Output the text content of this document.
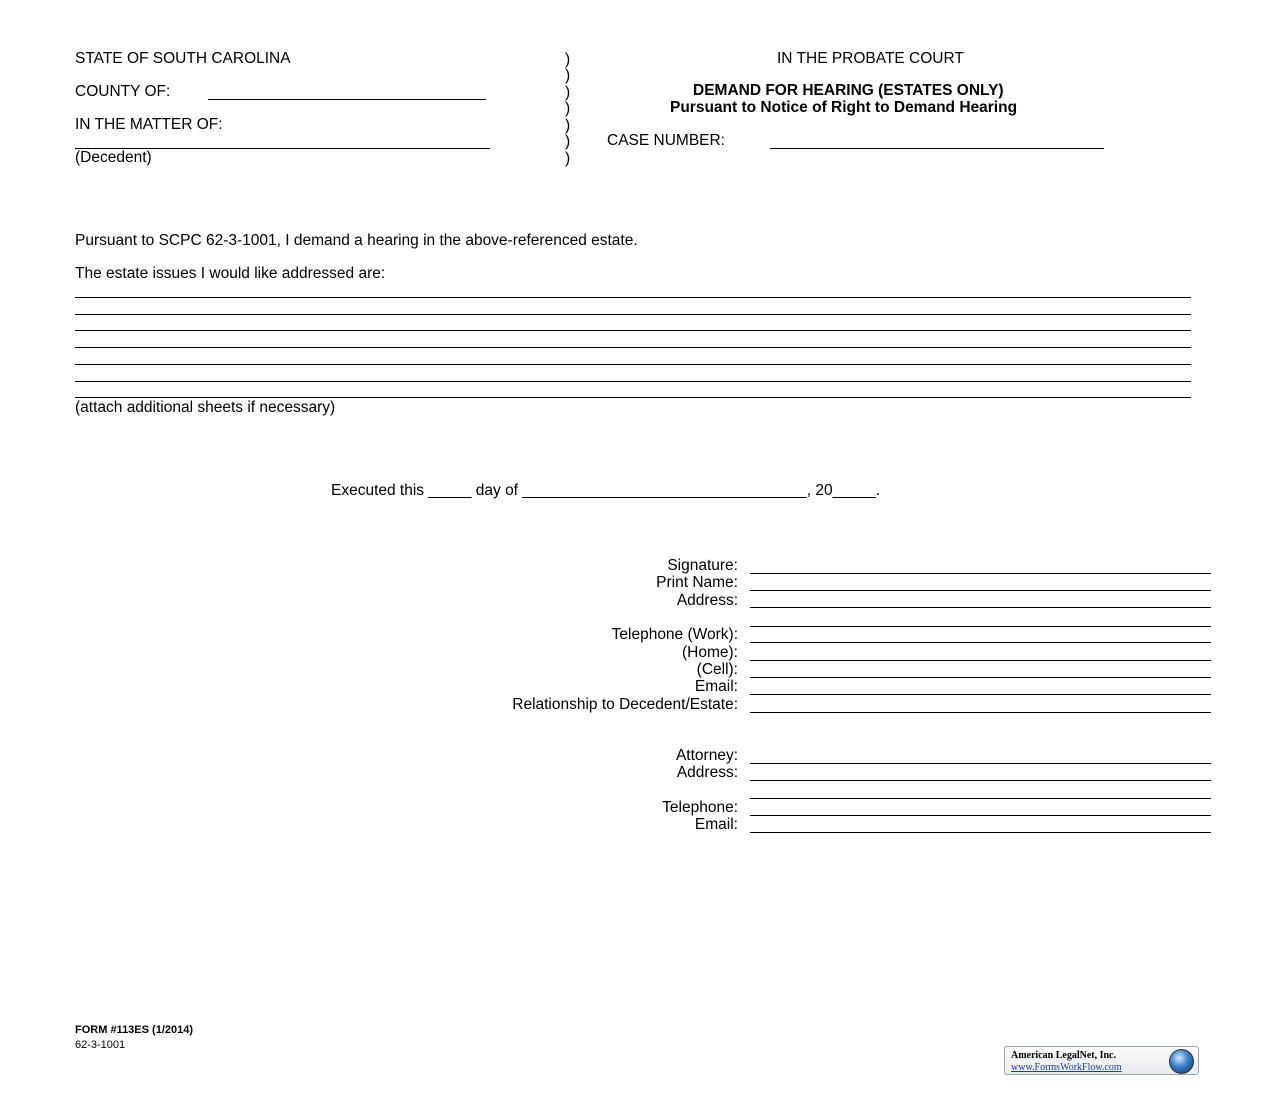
STATE OF SOUTH CAROLINA
COUNTY OF:
IN THE MATTER OF:
(Decedent)
)
)
)
)
)
)
)
IN THE PROBATE COURT
DEMAND FOR HEARING (ESTATES ONLY)
Pursuant to Notice of Right to Demand Hearing
CASE NUMBER:
Pursuant to SCPC 62-3-1001, I demand a hearing in the above-referenced estate.
The estate issues I would like addressed are:
(attach additional sheets if necessary)
Executed this _____ day of _________________________________, 20_____.
Signature:
Print Name:
Address:
Telephone (Work):
(Home):
(Cell):
Email:
Relationship to Decedent/Estate:
Attorney:
Address:
Telephone:
Email:
FORM #113ES (1/2014)
62-3-1001
American LegalNet, Inc.
www.FormsWorkFlow.com
